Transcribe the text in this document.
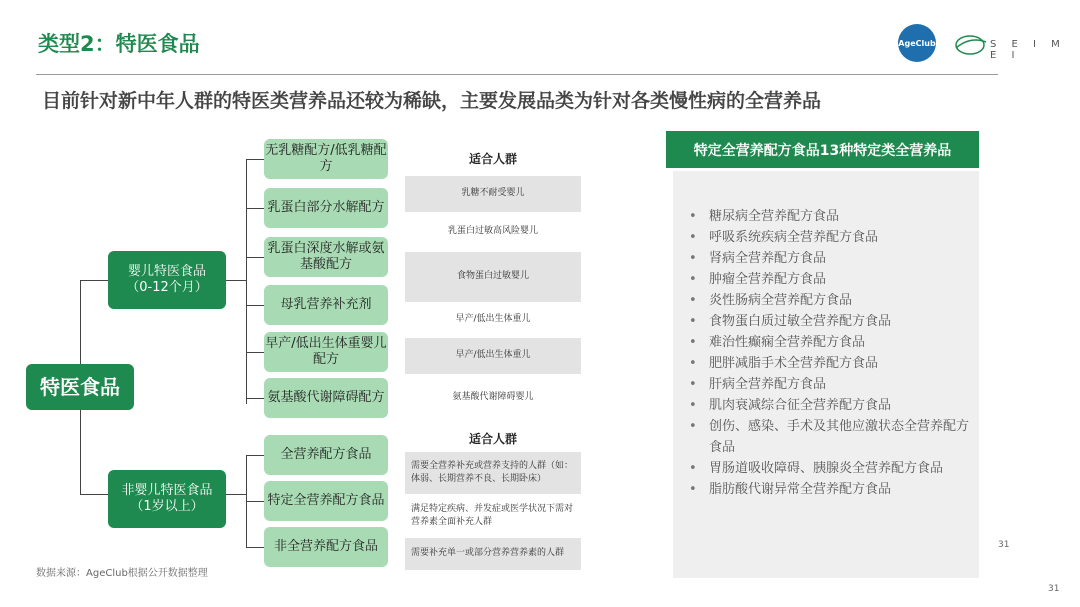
类型2：特医食品	AgeClub	S E I M E I
目前针对新中年人群的特医类营养品还较为稀缺，主要发展品类为针对各类慢性病的全营养品
特医食品
婴儿特医食品
（0-12个月）
非婴儿特医食品
（1岁以上）
无乳糖配方/低乳糖配方
乳蛋白部分水解配方
乳蛋白深度水解或氨基酸配方
母乳营养补充剂
早产/低出生体重婴儿配方
氨基酸代谢障碍配方
全营养配方食品
特定全营养配方食品
非全营养配方食品
适合人群
乳糖不耐受婴儿
乳蛋白过敏高风险婴儿
食物蛋白过敏婴儿
早产/低出生体重儿
早产/低出生体重儿
氨基酸代谢障碍婴儿
适合人群
需要全营养补充或营养支持的人群（如：体弱、长期营养不良、长期卧床）
满足特定疾病、并发症或医学状况下需对营养素全面补充人群
需要补充单一或部分营养营养素的人群
特定全营养配方食品13种特定类全营养品
• 糖尿病全营养配方食品
• 呼吸系统疾病全营养配方食品
• 肾病全营养配方食品
• 肿瘤全营养配方食品
• 炎性肠病全营养配方食品
• 食物蛋白质过敏全营养配方食品
• 难治性癫痫全营养配方食品
• 肥胖减脂手术全营养配方食品
• 肝病全营养配方食品
• 肌肉衰减综合征全营养配方食品
• 创伤、感染、手术及其他应激状态全营养配方食品
• 胃肠道吸收障碍、胰腺炎全营养配方食品
• 脂肪酸代谢异常全营养配方食品
数据来源：AgeClub根据公开数据整理
31
31
